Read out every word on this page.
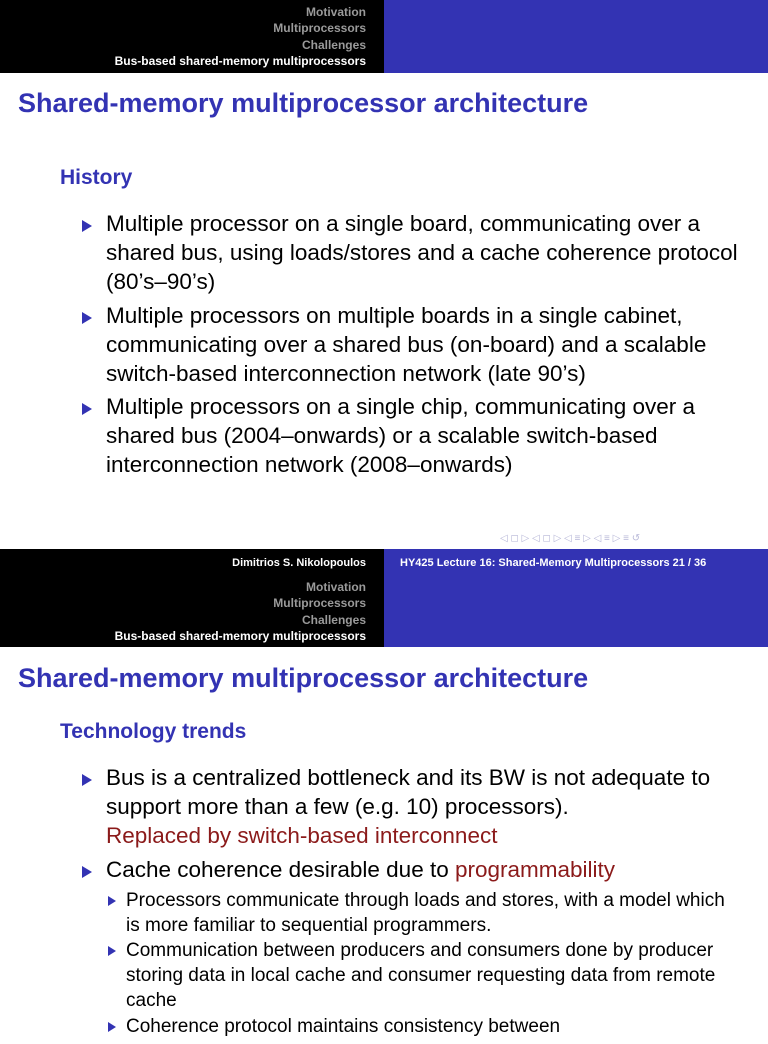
Motivation
Multiprocessors
Challenges
Bus-based shared-memory multiprocessors
Shared-memory multiprocessor architecture
History
Multiple processor on a single board, communicating over a shared bus, using loads/stores and a cache coherence protocol (80’s–90’s)
Multiple processors on multiple boards in a single cabinet, communicating over a shared bus (on-board) and a scalable switch-based interconnection network (late 90’s)
Multiple processors on a single chip, communicating over a shared bus (2004–onwards) or a scalable switch-based interconnection network (2008–onwards)
◁ ◻ ▷ ◁ ◻ ▷ ◁ ≡ ▷ ◁ ≡ ▷ ≡ ↺
Dimitrios S. Nikolopoulos	HY425 Lecture 16: Shared-Memory Multiprocessors 21 / 36
Motivation
Multiprocessors
Challenges
Bus-based shared-memory multiprocessors
Shared-memory multiprocessor architecture
Technology trends
Bus is a centralized bottleneck and its BW is not adequate to support more than a few (e.g. 10) processors).
Replaced by switch-based interconnect
Cache coherence desirable due to programmability
Processors communicate through loads and stores, with a model which is more familiar to sequential programmers.
Communication between producers and consumers done by producer storing data in local cache and consumer requesting data from remote cache
Coherence protocol maintains consistency between
